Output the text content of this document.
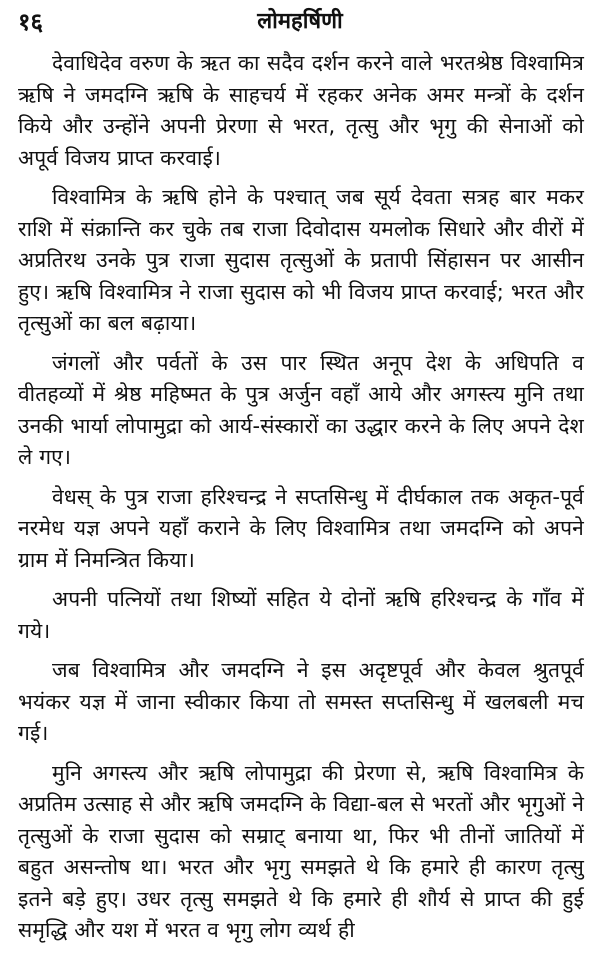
१६	लोमहर्षिणी

देवाधिदेव वरुण के ऋत का सदैव दर्शन करने वाले भरतश्रेष्ठ विश्वामित्र ऋषि ने जमदग्नि ऋषि के साहचर्य में रहकर अनेक अमर मन्त्रों के दर्शन किये और उन्होंने अपनी प्रेरणा से भरत, तृत्सु और भृगु की सेनाओं को अपूर्व विजय प्राप्त करवाई।

विश्वामित्र के ऋषि होने के पश्चात् जब सूर्य देवता सत्रह बार मकर राशि में संक्रान्ति कर चुके तब राजा दिवोदास यमलोक सिधारे और वीरों में अप्रतिरथ उनके पुत्र राजा सुदास तृत्सुओं के प्रतापी सिंहासन पर आसीन हुए। ऋषि विश्वामित्र ने राजा सुदास को भी विजय प्राप्त करवाई; भरत और तृत्सुओं का बल बढ़ाया।

जंगलों और पर्वतों के उस पार स्थित अनूप देश के अधिपति व वीतहव्यों में श्रेष्ठ महिष्मत के पुत्र अर्जुन वहाँ आये और अगस्त्य मुनि तथा उनकी भार्या लोपामुद्रा को आर्य-संस्कारों का उद्धार करने के लिए अपने देश ले गए।

वेधस् के पुत्र राजा हरिश्चन्द्र ने सप्तसिन्धु में दीर्घकाल तक अकृत-पूर्व नरमेध यज्ञ अपने यहाँ कराने के लिए विश्वामित्र तथा जमदग्नि को अपने ग्राम में निमन्त्रित किया।

अपनी पत्नियों तथा शिष्यों सहित ये दोनों ऋषि हरिश्चन्द्र के गाँव में गये।

जब विश्वामित्र और जमदग्नि ने इस अदृष्टपूर्व और केवल श्रुतपूर्व भयंकर यज्ञ में जाना स्वीकार किया तो समस्त सप्तसिन्धु में खलबली मच गई।

मुनि अगस्त्य और ऋषि लोपामुद्रा की प्रेरणा से, ऋषि विश्वामित्र के अप्रतिम उत्साह से और ऋषि जमदग्नि के विद्या-बल से भरतों और भृगुओं ने तृत्सुओं के राजा सुदास को सम्राट् बनाया था, फिर भी तीनों जातियों में बहुत असन्तोष था। भरत और भृगु समझते थे कि हमारे ही कारण तृत्सु इतने बड़े हुए। उधर तृत्सु समझते थे कि हमारे ही शौर्य से प्राप्त की हुई समृद्धि और यश में भरत व भृगु लोग व्यर्थ ही
